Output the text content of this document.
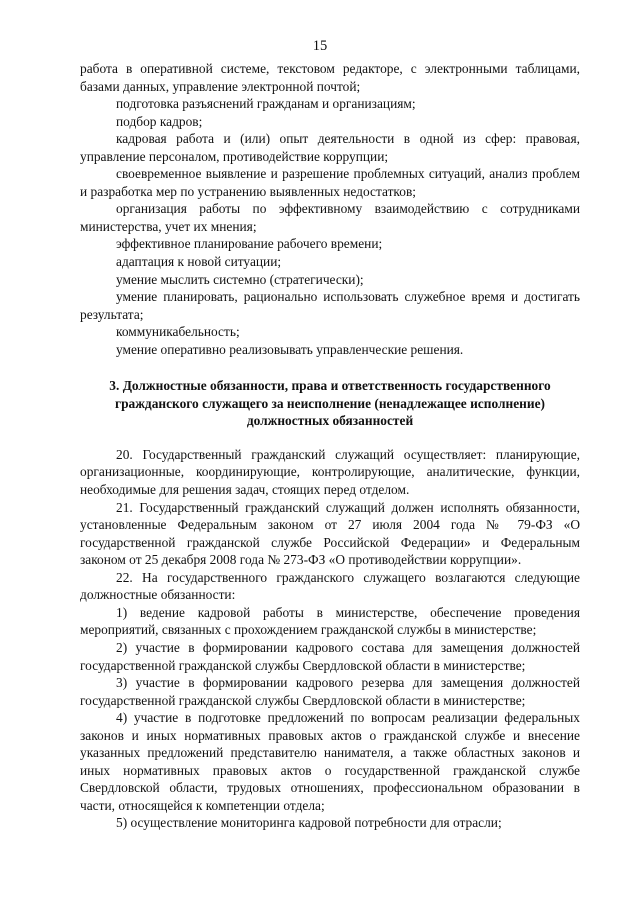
15

работа в оперативной системе, текстовом редакторе, с электронными таблицами, базами данных, управление электронной почтой;

подготовка разъяснений гражданам и организациям;

подбор кадров;

кадровая работа и (или) опыт деятельности в одной из сфер: правовая, управление персоналом, противодействие коррупции;

своевременное выявление и разрешение проблемных ситуаций, анализ проблем и разработка мер по устранению выявленных недостатков;

организация работы по эффективному взаимодействию с сотрудниками министерства, учет их мнения;

эффективное планирование рабочего времени;

адаптация к новой ситуации;

умение мыслить системно (стратегически);

умение планировать, рационально использовать служебное время и достигать результата;

коммуникабельность;

умение оперативно реализовывать управленческие решения.

3. Должностные обязанности, права и ответственность государственного гражданского служащего за неисполнение (ненадлежащее исполнение) должностных обязанностей

20. Государственный гражданский служащий осуществляет: планирующие, организационные, координирующие, контролирующие, аналитические, функции, необходимые для решения задач, стоящих перед отделом.

21. Государственный гражданский служащий должен исполнять обязанности, установленные Федеральным законом от 27 июля 2004 года № 79-ФЗ «О государственной гражданской службе Российской Федерации» и Федеральным законом от 25 декабря 2008 года № 273-ФЗ «О противодействии коррупции».

22. На государственного гражданского служащего возлагаются следующие должностные обязанности:

1) ведение кадровой работы в министерстве, обеспечение проведения мероприятий, связанных с прохождением гражданской службы в министерстве;

2) участие в формировании кадрового состава для замещения должностей государственной гражданской службы Свердловской области в министерстве;

3) участие в формировании кадрового резерва для замещения должностей государственной гражданской службы Свердловской области в министерстве;

4) участие в подготовке предложений по вопросам реализации федеральных законов и иных нормативных правовых актов о гражданской службе и внесение указанных предложений представителю нанимателя, а также областных законов и иных нормативных правовых актов о государственной гражданской службе Свердловской области, трудовых отношениях, профессиональном образовании в части, относящейся к компетенции отдела;

5) осуществление мониторинга кадровой потребности для отрасли;
